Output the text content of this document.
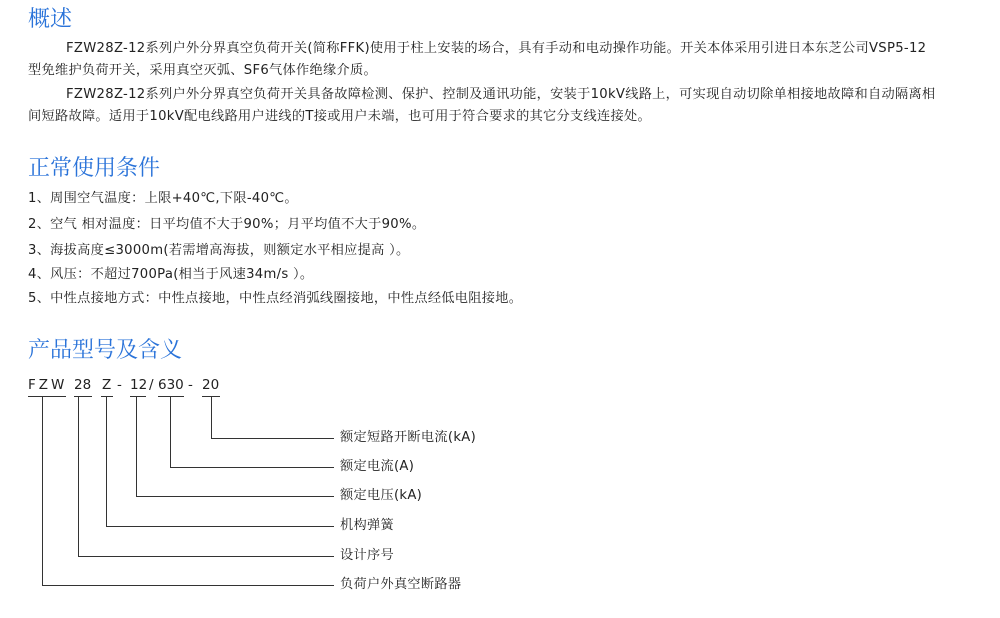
概述

FZW28Z-12系列户外分界真空负荷开关(简称FFK)使用于柱上安装的场合，具有手动和电动操作功能。开关本体采用引进日本东芝公司VSP5-12型免维护负荷开关，采用真空灭弧、SF6气体作绝缘介质。

FZW28Z-12系列户外分界真空负荷开关具备故障检测、保护、控制及通讯功能，安装于10kV线路上，可实现自动切除单相接地故障和自动隔离相间短路故障。适用于10kV配电线路用户进线的T接或用户未端，也可用于符合要求的其它分支线连接处。

正常使用条件

1、周围空气温度：上限+40℃,下限-40℃。

2、空气 相对温度：日平均值不大于90%；月平均值不大于90%。

3、海拔高度≤3000m(若需增高海拔，则额定水平相应提高 ）。

4、风压：不超过700Pa(相当于风速34m/s ）。

5、中性点接地方式：中性点接地，中性点经消弧线圈接地，中性点经低电阻接地。

产品型号及含义
FZW 28 Z - 12 / 630 - 20

额定短路开断电流(kA)

额定电流(A)

额定电压(kA)

机构弹簧

设计序号

负荷户外真空断路器
